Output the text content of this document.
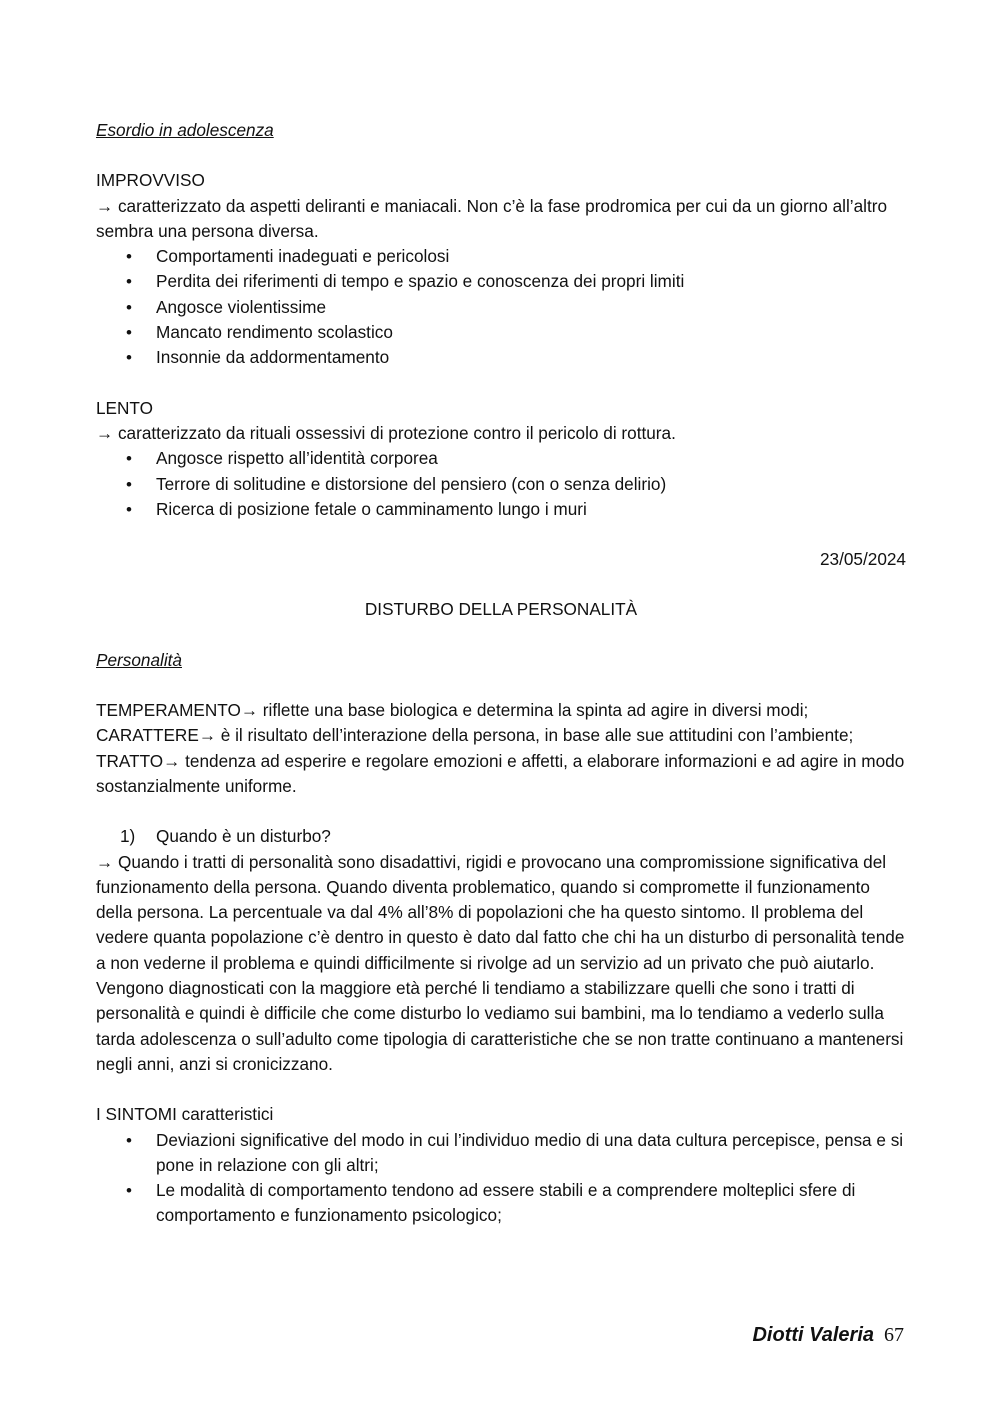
Esordio in adolescenza

IMPROVVISO

→ caratterizzato da aspetti deliranti e maniacali. Non c’è la fase prodromica per cui da un giorno all’altro sembra una persona diversa.

• Comportamenti inadeguati e pericolosi
• Perdita dei riferimenti di tempo e spazio e conoscenza dei propri limiti
• Angosce violentissime
• Mancato rendimento scolastico
• Insonnie da addormentamento

LENTO

→ caratterizzato da rituali ossessivi di protezione contro il pericolo di rottura.

• Angosce rispetto all’identità corporea
• Terrore di solitudine e distorsione del pensiero (con o senza delirio)
• Ricerca di posizione fetale o camminamento lungo i muri

23/05/2024

DISTURBO DELLA PERSONALITÀ

Personalità

TEMPERAMENTO→ riflette una base biologica e determina la spinta ad agire in diversi modi;

CARATTERE→ è il risultato dell’interazione della persona, in base alle sue attitudini con l’ambiente;

TRATTO→ tendenza ad esperire e regolare emozioni e affetti, a elaborare informazioni e ad agire in modo sostanzialmente uniforme.

1) Quando è un disturbo?

→ Quando i tratti di personalità sono disadattivi, rigidi e provocano una compromissione significativa del funzionamento della persona. Quando diventa problematico, quando si compromette il funzionamento della persona. La percentuale va dal 4% all’8% di popolazioni che ha questo sintomo. Il problema del vedere quanta popolazione c’è dentro in questo è dato dal fatto che chi ha un disturbo di personalità tende a non vederne il problema e quindi difficilmente si rivolge ad un servizio ad un privato che può aiutarlo.

Vengono diagnosticati con la maggiore età perché li tendiamo a stabilizzare quelli che sono i tratti di personalità e quindi è difficile che come disturbo lo vediamo sui bambini, ma lo tendiamo a vederlo sulla tarda adolescenza o sull’adulto come tipologia di caratteristiche che se non tratte continuano a mantenersi negli anni, anzi si cronicizzano.

I SINTOMI caratteristici

• Deviazioni significative del modo in cui l’individuo medio di una data cultura percepisce, pensa e si pone in relazione con gli altri;
• Le modalità di comportamento tendono ad essere stabili e a comprendere molteplici sfere di comportamento e funzionamento psicologico;
Diotti Valeria 67
